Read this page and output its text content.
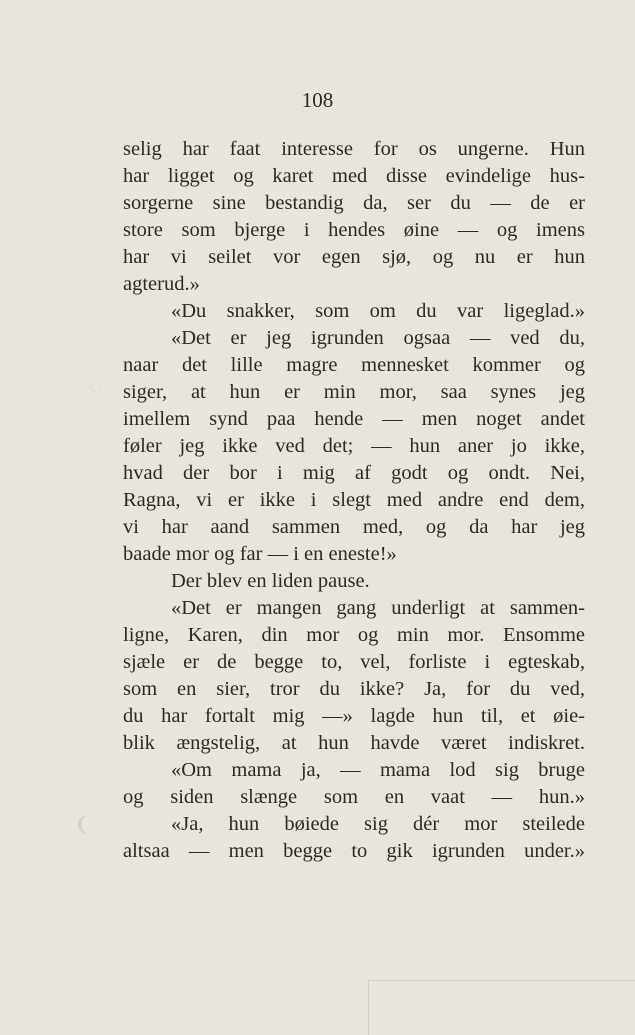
108
selig har faat interesse for os ungerne. Hun
har ligget og karet med disse evindelige hus-
sorgerne sine bestandig da, ser du — de er
store som bjerge i hendes øine — og imens
har vi seilet vor egen sjø, og nu er hun
agterud.»
«Du snakker, som om du var ligeglad.»
«Det er jeg igrunden ogsaa — ved du,
naar det lille magre mennesket kommer og
siger, at hun er min mor, saa synes jeg
imellem synd paa hende — men noget andet
føler jeg ikke ved det; — hun aner jo ikke,
hvad der bor i mig af godt og ondt. Nei,
Ragna, vi er ikke i slegt med andre end dem,
vi har aand sammen med, og da har jeg
baade mor og far — i en eneste!»
Der blev en liden pause.
«Det er mangen gang underligt at sammen-
ligne, Karen, din mor og min mor. Ensomme
sjæle er de begge to, vel, forliste i egteskab,
som en sier, tror du ikke? Ja, for du ved,
du har fortalt mig —» lagde hun til, et øie-
blik ængstelig, at hun havde været indiskret.
«Om mama ja, — mama lod sig bruge
og siden slænge som en vaat — hun.»
«Ja, hun bøiede sig dér mor steilede
altsaa — men begge to gik igrunden under.»
◌
❨
